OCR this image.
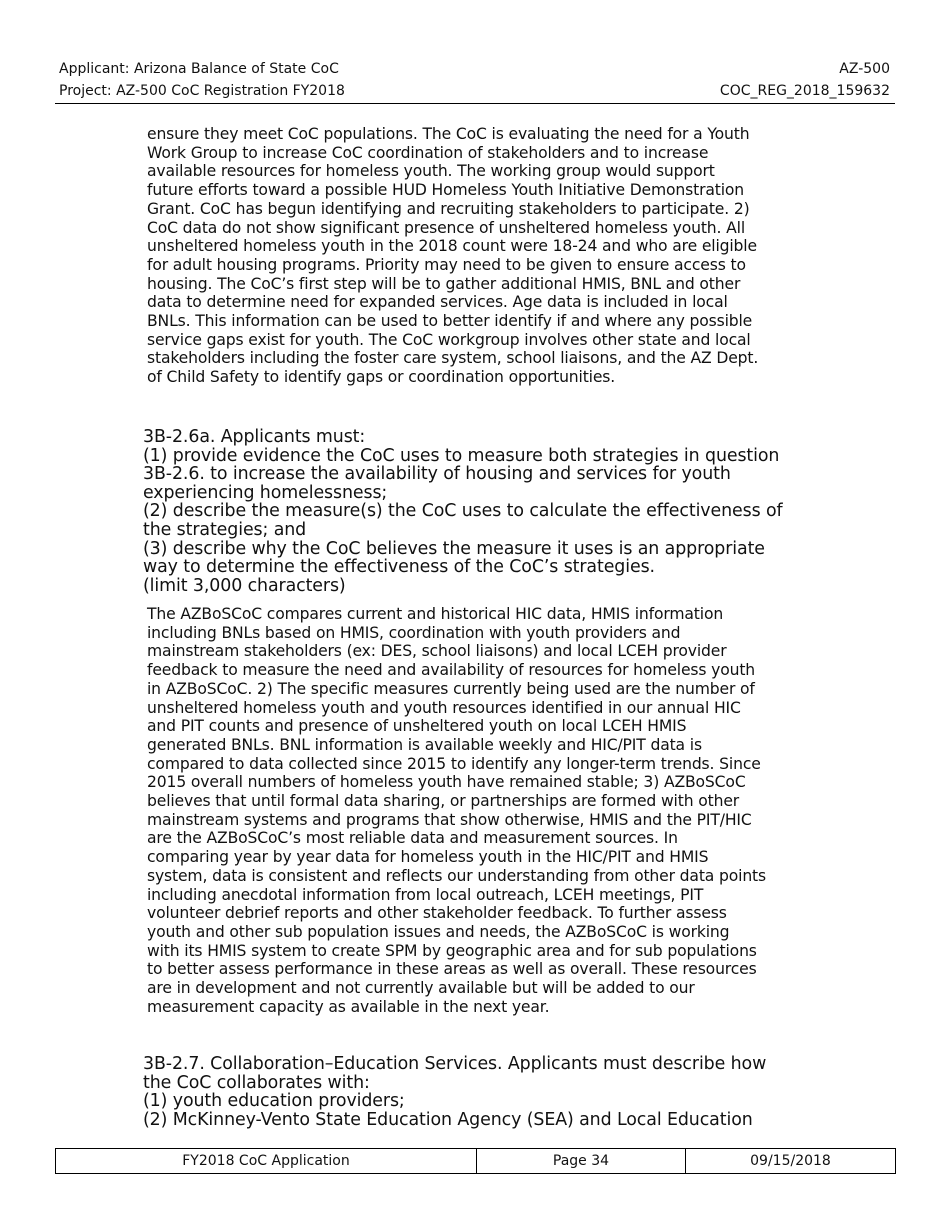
Applicant: Arizona Balance of State CoC
Project: AZ-500 CoC Registration FY2018
AZ-500
COC_REG_2018_159632
ensure they meet CoC populations. The CoC is evaluating the need for a Youth
Work Group to increase CoC coordination of stakeholders and to increase
available resources for homeless youth. The working group would support
future efforts toward a possible HUD Homeless Youth Initiative Demonstration
Grant. CoC has begun identifying and recruiting stakeholders to participate. 2)
CoC data do not show significant presence of unsheltered homeless youth. All
unsheltered homeless youth in the 2018 count were 18-24 and who are eligible
for adult housing programs. Priority may need to be given to ensure access to
housing. The CoC’s first step will be to gather additional HMIS, BNL and other
data to determine need for expanded services. Age data is included in local
BNLs. This information can be used to better identify if and where any possible
service gaps exist for youth. The CoC workgroup involves other state and local
stakeholders including the foster care system, school liaisons, and the AZ Dept.
of Child Safety to identify gaps or coordination opportunities.
3B-2.6a. Applicants must:
(1) provide evidence the CoC uses to measure both strategies in question
3B-2.6. to increase the availability of housing and services for youth
experiencing homelessness;
(2) describe the measure(s) the CoC uses to calculate the effectiveness of
the strategies; and
(3) describe why the CoC believes the measure it uses is an appropriate
way to determine the effectiveness of the CoC’s strategies.
(limit 3,000 characters)
The AZBoSCoC compares current and historical HIC data, HMIS information
including BNLs based on HMIS, coordination with youth providers and
mainstream stakeholders (ex: DES, school liaisons) and local LCEH provider
feedback to measure the need and availability of resources for homeless youth
in AZBoSCoC. 2) The specific measures currently being used are the number of
unsheltered homeless youth and youth resources identified in our annual HIC
and PIT counts and presence of unsheltered youth on local LCEH HMIS
generated BNLs. BNL information is available weekly and HIC/PIT data is
compared to data collected since 2015 to identify any longer-term trends. Since
2015 overall numbers of homeless youth have remained stable; 3) AZBoSCoC
believes that until formal data sharing, or partnerships are formed with other
mainstream systems and programs that show otherwise, HMIS and the PIT/HIC
are the AZBoSCoC’s most reliable data and measurement sources. In
comparing year by year data for homeless youth in the HIC/PIT and HMIS
system, data is consistent and reflects our understanding from other data points
including anecdotal information from local outreach, LCEH meetings, PIT
volunteer debrief reports and other stakeholder feedback. To further assess
youth and other sub population issues and needs, the AZBoSCoC is working
with its HMIS system to create SPM by geographic area and for sub populations
to better assess performance in these areas as well as overall. These resources
are in development and not currently available but will be added to our
measurement capacity as available in the next year.
3B-2.7. Collaboration–Education Services. Applicants must describe how
the CoC collaborates with:
(1) youth education providers;
(2) McKinney-Vento State Education Agency (SEA) and Local Education
FY2018 CoC Application	Page 34	09/15/2018
